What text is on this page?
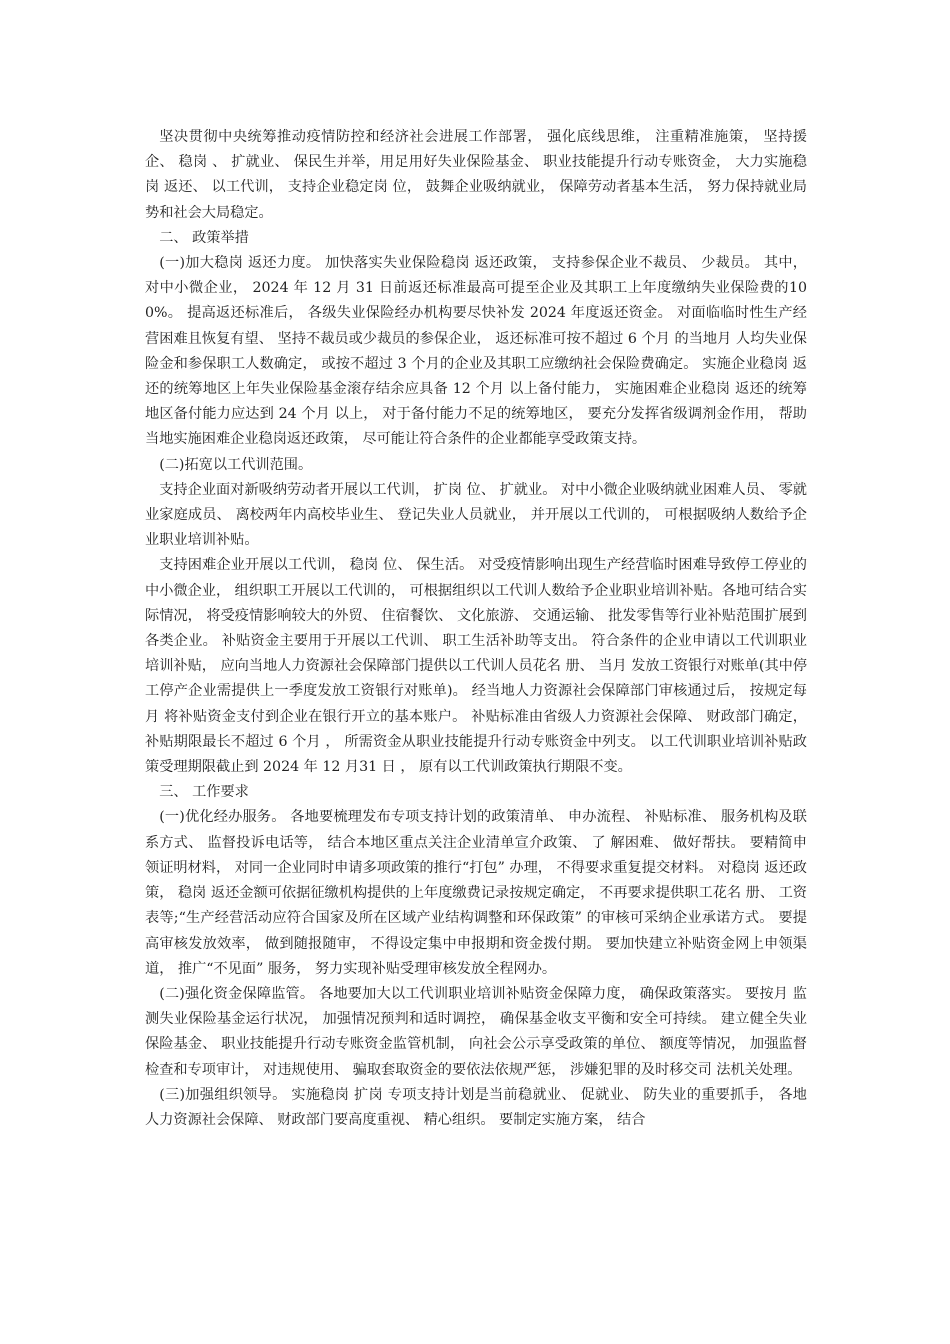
坚决贯彻中央统筹推动疫情防控和经济社会进展工作部署， 强化底线思维， 注重精准施策， 坚持援企、 稳岗 、 扩就业、 保民生并举，用足用好失业保险基金、 职业技能提升行动专账资金， 大力实施稳岗 返还、 以工代训， 支持企业稳定岗 位， 鼓舞企业吸纳就业， 保障劳动者基本生活， 努力保持就业局势和社会大局稳定。

二、 政策举措

(一)加大稳岗 返还力度。 加快落实失业保险稳岗 返还政策， 支持参保企业不裁员、 少裁员。 其中， 对中小微企业， 2024 年 12 月 31 日前返还标准最高可提至企业及其职工上年度缴纳失业保险费的100%。 提高返还标准后， 各级失业保险经办机构要尽快补发 2024 年度返还资金。 对面临临时性生产经营困难且恢复有望、 坚持不裁员或少裁员的参保企业， 返还标准可按不超过 6 个月 的当地月 人均失业保险金和参保职工人数确定， 或按不超过 3 个月的企业及其职工应缴纳社会保险费确定。 实施企业稳岗 返还的统筹地区上年失业保险基金滚存结余应具备 12 个月 以上备付能力， 实施困难企业稳岗 返还的统筹地区备付能力应达到 24 个月 以上， 对于备付能力不足的统筹地区， 要充分发挥省级调剂金作用， 帮助当地实施困难企业稳岗返还政策， 尽可能让符合条件的企业都能享受政策支持。

(二)拓宽以工代训范围。

支持企业面对新吸纳劳动者开展以工代训， 扩岗 位、 扩就业。 对中小微企业吸纳就业困难人员、 零就业家庭成员、 离校两年内高校毕业生、 登记失业人员就业， 并开展以工代训的， 可根据吸纳人数给予企业职业培训补贴。

支持困难企业开展以工代训， 稳岗 位、 保生活。 对受疫情影响出现生产经营临时困难导致停工停业的中小微企业， 组织职工开展以工代训的， 可根据组织以工代训人数给予企业职业培训补贴。各地可结合实际情况， 将受疫情影响较大的外贸、 住宿餐饮、 文化旅游、 交通运输、 批发零售等行业补贴范围扩展到各类企业。 补贴资金主要用于开展以工代训、 职工生活补助等支出。 符合条件的企业申请以工代训职业培训补贴， 应向当地人力资源社会保障部门提供以工代训人员花名 册、 当月 发放工资银行对账单(其中停工停产企业需提供上一季度发放工资银行对账单)。 经当地人力资源社会保障部门审核通过后， 按规定每月 将补贴资金支付到企业在银行开立的基本账户。 补贴标准由省级人力资源社会保障、 财政部门确定， 补贴期限最长不超过 6 个月 ， 所需资金从职业技能提升行动专账资金中列支。 以工代训职业培训补贴政策受理期限截止到 2024 年 12 月31 日 ， 原有以工代训政策执行期限不变。

三、 工作要求

(一)优化经办服务。 各地要梳理发布专项支持计划的政策清单、 申办流程、 补贴标准、 服务机构及联系方式、 监督投诉电话等， 结合本地区重点关注企业清单宣介政策、 了 解困难、 做好帮扶。 要精简申领证明材料， 对同一企业同时申请多项政策的推行“打包” 办理， 不得要求重复提交材料。 对稳岗 返还政策， 稳岗 返还金额可依据征缴机构提供的上年度缴费记录按规定确定， 不再要求提供职工花名 册、 工资表等;“生产经营活动应符合国家及所在区域产业结构调整和环保政策” 的审核可采纳企业承诺方式。 要提高审核发放效率， 做到随报随审， 不得设定集中申报期和资金拨付期。 要加快建立补贴资金网上申领渠道， 推广“不见面” 服务， 努力实现补贴受理审核发放全程网办。

(二)强化资金保障监管。 各地要加大以工代训职业培训补贴资金保障力度， 确保政策落实。 要按月 监测失业保险基金运行状况， 加强情况预判和适时调控， 确保基金收支平衡和安全可持续。 建立健全失业保险基金、 职业技能提升行动专账资金监管机制， 向社会公示享受政策的单位、 额度等情况， 加强监督检查和专项审计， 对违规使用、 骗取套取资金的要依法依规严惩， 涉嫌犯罪的及时移交司 法机关处理。

(三)加强组织领导。 实施稳岗 扩岗 专项支持计划是当前稳就业、 促就业、 防失业的重要抓手， 各地人力资源社会保障、 财政部门要高度重视、 精心组织。 要制定实施方案， 结合
